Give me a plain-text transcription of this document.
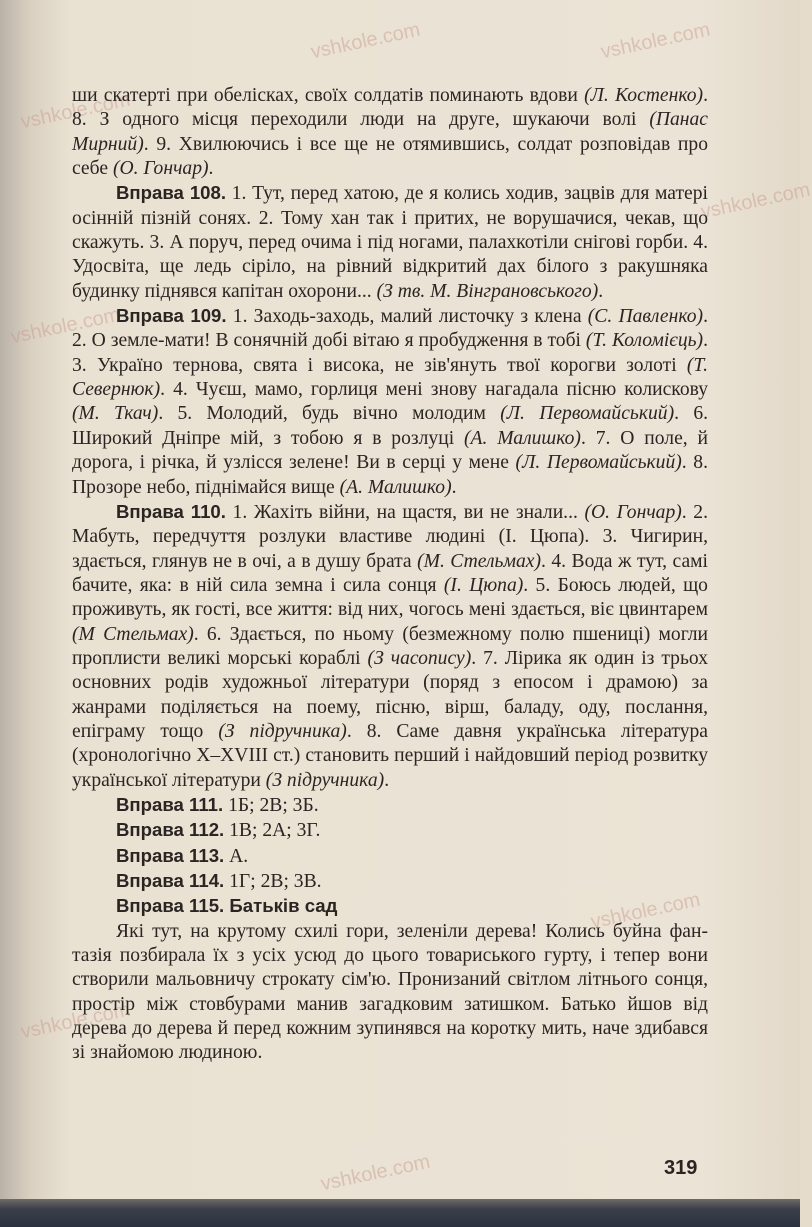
vshkole.com	vshkole.com
vshkole.com
vshkole.com
vshkole.com
vshkole.com
vshkole.com
vshkole.com

ши скатерті при обелісках, своїх солдатів поминають вдови (Л. Костенко). 8. З одного місця переходили люди на друге, шукаючи волі (Панас Мирний). 9. Хвилюючись і все ще не отямившись, солдат розповідав про себе (О. Гончар).

Вправа 108. 1. Тут, перед хатою, де я колись ходив, зацвів для матері осінній пізній сонях. 2. Тому хан так і притих, не ворушачися, чекав, що скажуть. 3. А поруч, перед очима і під ногами, палахкотіли снігові горби. 4. Удосвіта, ще ледь сіріло, на рівний відкритий дах білого з ракушняка будинку піднявся капітан охорони... (З тв. М. Вінграновського).

Вправа 109. 1. Заходь-заходь, малий листочку з клена (С. Павленко). 2. О земле-мати! В сонячній добі вітаю я пробудження в тобі (Т. Коломієць). 3. Україно тернова, свята і висока, не зів'януть твої корогви золоті (Т. Севернюк). 4. Чуєш, мамо, горлиця мені знову нагадала пісню колискову (М. Ткач). 5. Молодий, будь вічно молодим (Л. Первомайський). 6. Широкий Дніпре мій, з тобою я в розлуці (А. Малишко). 7. О поле, й дорога, і річка, й узлісся зелене! Ви в серці у мене (Л. Первомайський). 8. Прозоре небо, піднімайся вище (А. Малишко).

Вправа 110. 1. Жахіть війни, на щастя, ви не знали... (О. Гончар). 2. Мабуть, передчуття розлуки властиве людині (І. Цюпа). 3. Чигирин, здається, глянув не в очі, а в душу брата (М. Стельмах). 4. Вода ж тут, самі бачите, яка: в ній сила земна і сила сонця (І. Цюпа). 5. Боюсь людей, що проживуть, як гості, все життя: від них, чогось мені здається, віє цвинтарем (М Стельмах). 6. Здається, по ньому (безмежному полю пшениці) могли проплисти великі морські кораблі (З часопису). 7. Лірика як один із трьох основних родів художньої літератури (поряд з епосом і драмою) за жанрами поділяється на поему, пісню, вірш, баладу, оду, послання, епіграму тощо (З підручника). 8. Саме давня українська література (хронологічно X–XVIII ст.) становить перший і найдовший період розвитку української літератури (З підручника).

Вправа 111. 1Б; 2В; 3Б.

Вправа 112. 1В; 2А; 3Г.

Вправа 113. А.

Вправа 114. 1Г; 2В; 3В.

Вправа 115. Батьків сад

Які тут, на крутому схилі гори, зеленіли дерева! Колись буйна фантазія позбирала їх з усіх усюд до цього товариського гурту, і тепер вони створили мальовничу строкату сім'ю. Пронизаний світлом літнього сонця, простір між стовбурами манив загадковим затишком. Батько йшов від дерева до дерева й перед кожним зупинявся на коротку мить, наче здибався зі знайомою людиною.

319
